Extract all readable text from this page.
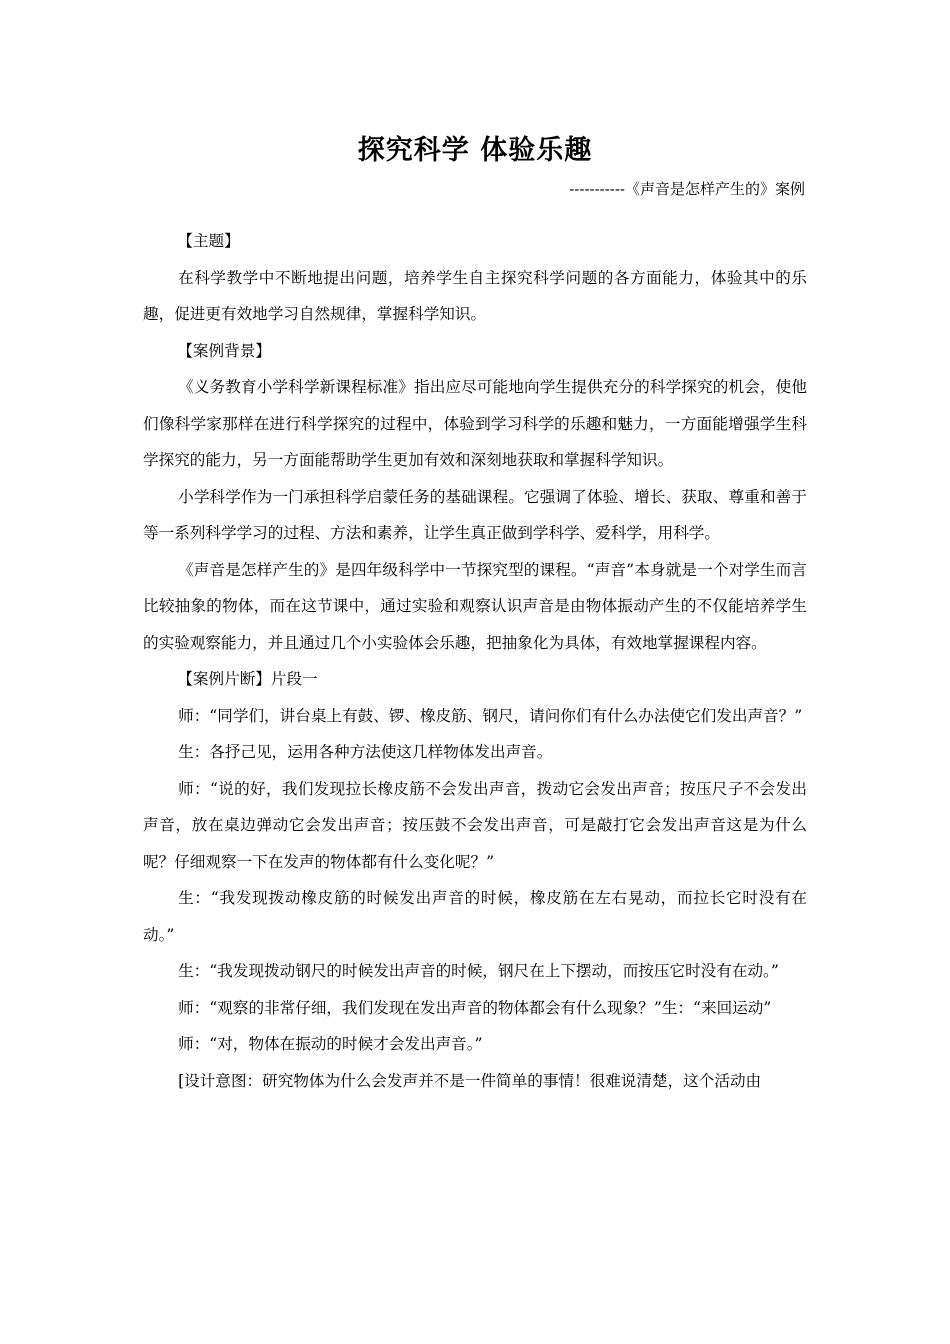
探究科学 体验乐趣
-----------《声音是怎样产生的》案例

【主题】

在科学教学中不断地提出问题，培养学生自主探究科学问题的各方面能力，体验其中的乐趣，促进更有效地学习自然规律，掌握科学知识。

【案例背景】

《义务教育小学科学新课程标准》指出应尽可能地向学生提供充分的科学探究的机会，使他们像科学家那样在进行科学探究的过程中，体验到学习科学的乐趣和魅力，一方面能增强学生科学探究的能力，另一方面能帮助学生更加有效和深刻地获取和掌握科学知识。

小学科学作为一门承担科学启蒙任务的基础课程。它强调了体验、增长、获取、尊重和善于等一系列科学学习的过程、方法和素养，让学生真正做到学科学、爱科学，用科学。

《声音是怎样产生的》是四年级科学中一节探究型的课程。“声音”本身就是一个对学生而言比较抽象的物体，而在这节课中，通过实验和观察认识声音是由物体振动产生的不仅能培养学生的实验观察能力，并且通过几个小实验体会乐趣，把抽象化为具体，有效地掌握课程内容。

【案例片断】片段一

师：“同学们，讲台桌上有鼓、锣、橡皮筋、钢尺，请问你们有什么办法使它们发出声音？”

生：各抒己见，运用各种方法使这几样物体发出声音。

师：“说的好，我们发现拉长橡皮筋不会发出声音，拨动它会发出声音；按压尺子不会发出声音，放在桌边弹动它会发出声音；按压鼓不会发出声音，可是敲打它会发出声音这是为什么呢？仔细观察一下在发声的物体都有什么变化呢？”

生：“我发现拨动橡皮筋的时候发出声音的时候，橡皮筋在左右晃动，而拉长它时没有在动。”

生：“我发现拨动钢尺的时候发出声音的时候，钢尺在上下摆动，而按压它时没有在动。”

师：“观察的非常仔细，我们发现在发出声音的物体都会有什么现象？”生：“来回运动”

师：“对，物体在振动的时候才会发出声音。”

[设计意图：研究物体为什么会发声并不是一件简单的事情！很难说清楚，这个活动由
